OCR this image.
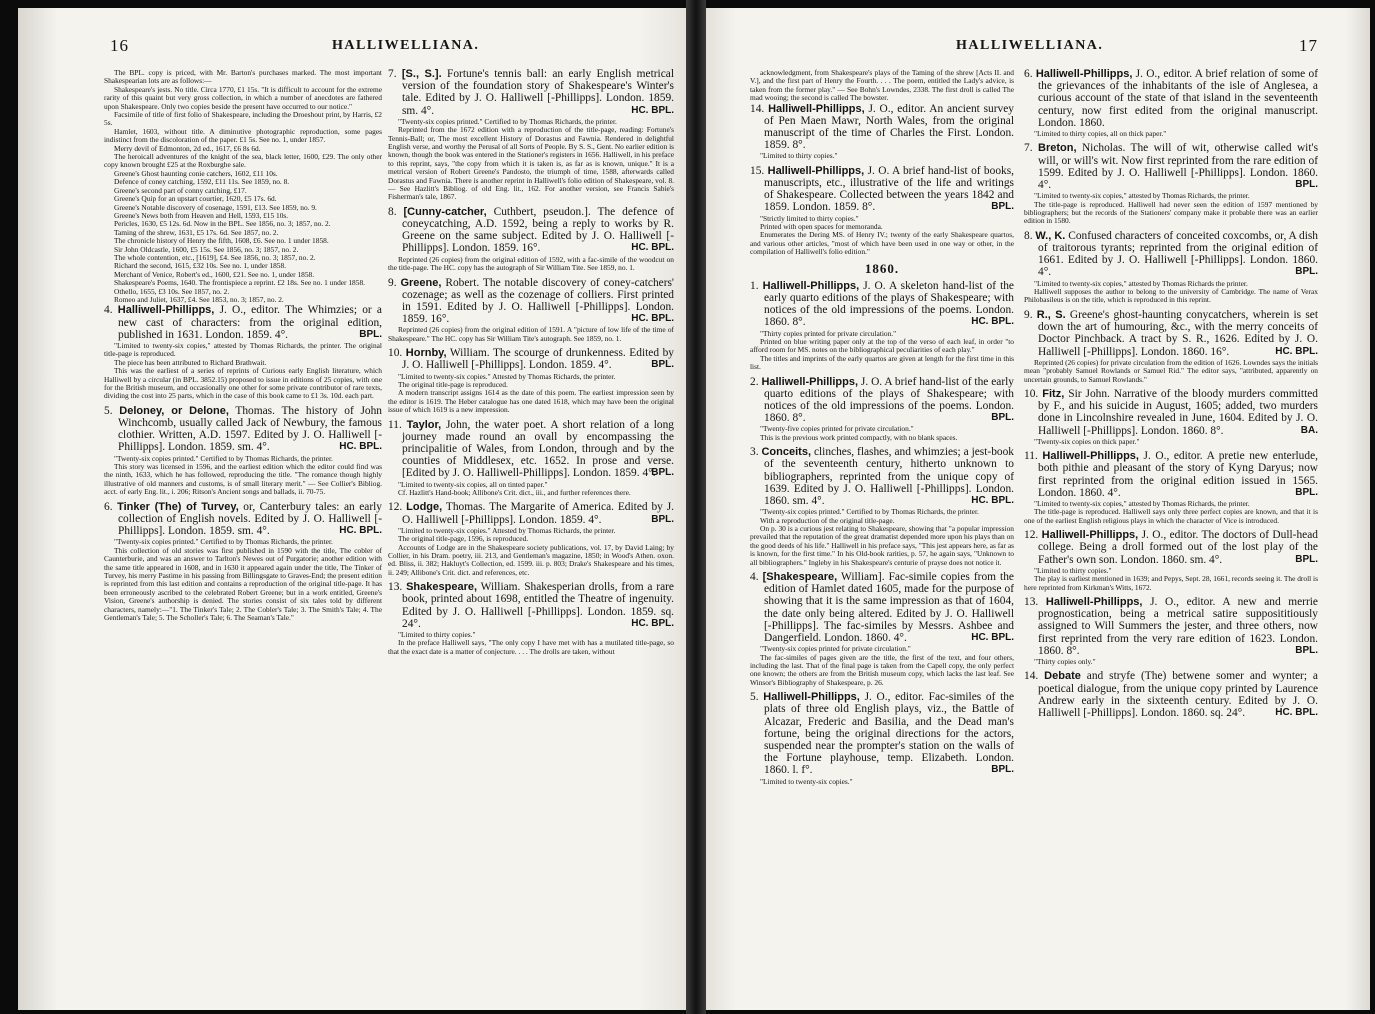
16	HALLIWELLIANA.

The BPL. copy is priced, with Mr. Barton's purchases marked. The most important Shakespearian lots are as follows:—

Shakespeare's jests. No title. Circa 1770, £1 15s. "It is difficult to account for the extreme rarity of this quaint but very gross collection, in which a number of anecdotes are fathered upon Shakespeare. Only two copies beside the present have occurred to our notice."

Facsimile of title of first folio of Shakespeare, including the Droeshout print, by Harris, £2 5s.

Hamlet, 1603, without title. A diminutive photographic reproduction, some pages indistinct from the discoloration of the paper. £1 5s. See no. 1, under 1857.

Merry devil of Edmonton, 2d ed., 1617, £6 8s 6d.

The heroicall adventures of the knight of the sea, black letter, 1600, £29. The only other copy known brought £25 at the Roxburghe sale.

Greene's Ghost haunting conie catchers, 1602, £11 10s.

Defence of coney catching, 1592, £11 11s. See 1859, no. 8.

Greene's second part of conny catching, £17.

Greene's Quip for an upstart courtier, 1620, £5 17s. 6d.

Greene's Notable discovery of cosenage, 1591, £13. See 1859, no. 9.

Greene's News both from Heaven and Hell, 1593, £15 10s.

Pericles, 1630, £5 12s. 6d. Now in the BPL. See 1856, no. 3; 1857, no. 2.

Taming of the shrew, 1631, £5 17s. 6d. See 1857, no. 2.

The chronicle history of Henry the fifth, 1608, £6. See no. 1 under 1858.

Sir John Oldcastle, 1600, £5 15s. See 1856, no. 3; 1857, no. 2.

The whole contention, etc., [1619], £4. See 1856, no. 3; 1857, no. 2.

Richard the second, 1615, £32 10s. See no. 1, under 1858.

Merchant of Venice, Robert's ed., 1600, £21. See no. 1, under 1858.

Shakespeare's Poems, 1640. The frontispiece a reprint. £2 18s. See no. 1 under 1858.

Othello, 1655, £3 10s. See 1857, no. 2.

Romeo and Juliet, 1637, £4. See 1853, no. 3; 1857, no. 2.

4. Halliwell-Phillipps, J. O., editor. The Whimzies; or a new cast of characters: from the original edition, published in 1631. London. 1859. 4°.	BPL.

"Limited to twenty-six copies," attested by Thomas Richards, the printer. The original title-page is reproduced.

The piece has been attributed to Richard Brathwait.

This was the earliest of a series of reprints of Curious early English literature, which Halliwell by a circular (in BPL. 3852.15) proposed to issue in editions of 25 copies, with one for the British museum, and occasionally one other for some private contributor of rare texts, dividing the cost into 25 parts, which in the case of this book came to £1 3s. 10d. each part.

5. Deloney, or Delone, Thomas. The history of John Winchcomb, usually called Jack of Newbury, the famous clothier. Written, A.D. 1597. Edited by J. O. Halliwell [-Phillipps]. London. 1859. sm. 4°.	HC. BPL.

"Twenty-six copies printed." Certified to by Thomas Richards, the printer.

This story was licensed in 1596, and the earliest edition which the editor could find was the ninth, 1633, which he has followed, reproducing the title. "The romance though highly illustrative of old manners and customs, is of small literary merit." — See Collier's Bibliog. acct. of early Eng. lit., i. 206; Ritson's Ancient songs and ballads, ii. 70-75.

6. Tinker (The) of Turvey, or, Canterbury tales: an early collection of English novels. Edited by J. O. Halliwell [-Phillipps]. London. 1859. sm. 4°.	HC. BPL.

"Twenty-six copies printed." Certified to by Thomas Richards, the printer.

This collection of old stories was first published in 1590 with the title, The cobler of Caunterburie, and was an answer to Tarlton's Newes out of Purgatorie; another edition with the same title appeared in 1608, and in 1630 it appeared again under the title, The Tinker of Turvey, his merry Pastime in his passing from Billingsgate to Graves-End; the present edition is reprinted from this last edition and contains a reproduction of the original title-page. It has been erroneously ascribed to the celebrated Robert Greene; but in a work entitled, Greene's Vision, Greene's authorship is denied. The stories consist of six tales told by different characters, namely:—"1. The Tinker's Tale; 2. The Cobler's Tale; 3. The Smith's Tale; 4. The Gentleman's Tale; 5. The Scholler's Tale; 6. The Seaman's Tale."

7. [S., S.]. Fortune's tennis ball: an early English metrical version of the foundation story of Shakespeare's Winter's tale. Edited by J. O. Halliwell [-Phillipps]. London. 1859. sm. 4°.	HC. BPL.

"Twenty-six copies printed." Certified to by Thomas Richards, the printer.

Reprinted from the 1672 edition with a reproduction of the title-page, reading: Fortune's Tennis-Ball; or, The most excellent History of Dorastus and Fawnia. Rendered in delightful English verse, and worthy the Perusal of all Sorts of People. By S. S., Gent. No earlier edition is known, though the book was entered in the Stationer's registers in 1656. Halliwell, in his preface to this reprint, says, "the copy from which it is taken is, as far as is known, unique." It is a metrical version of Robert Greene's Pandosto, the triumph of time, 1588, afterwards called Dorastus and Fawnia. There is another reprint in Halliwell's folio edition of Shakespeare, vol. 8. — See Hazlitt's Bibliog. of old Eng. lit., 162. For another version, see Francis Sabie's Fisherman's tale, 1867.

8. [Cunny-catcher, Cuthbert, pseudon.]. The defence of coneycatching, A.D. 1592, being a reply to works by R. Greene on the same subject. Edited by J. O. Halliwell [-Phillipps]. London. 1859. 16°.	HC. BPL.

Reprinted (26 copies) from the original edition of 1592, with a fac-simile of the woodcut on the title-page. The HC. copy has the autograph of Sir William Tite. See 1859, no. 1.

9. Greene, Robert. The notable discovery of coney-catchers' cozenage; as well as the cozenage of colliers. First printed in 1591. Edited by J. O. Halliwell [-Phillipps]. London. 1859. 16°.	HC. BPL.

Reprinted (26 copies) from the original edition of 1591. A "picture of low life of the time of Shakespeare." The HC. copy has Sir William Tite's autograph. See 1859, no. 1.

10. Hornby, William. The scourge of drunkenness. Edited by J. O. Halliwell [-Phillipps]. London. 1859. 4°.	BPL.

"Limited to twenty-six copies." Attested by Thomas Richards, the printer.

The original title-page is reproduced.

A modern transcript assigns 1614 as the date of this poem. The earliest impression seen by the editor is 1619. The Heber catalogue has one dated 1618, which may have been the original issue of which 1619 is a new impression.

11. Taylor, John, the water poet. A short relation of a long journey made round an ovall by encompassing the principalitie of Wales, from London, through and by the counties of Middlesex, etc. 1652. In prose and verse. [Edited by J. O. Halliwell-Phillipps]. London. 1859. 4°.
BPL.

"Limited to twenty-six copies, all on tinted paper."

Cf. Hazlitt's Hand-book; Allibone's Crit. dict., iii., and further references there.

12. Lodge, Thomas. The Margarite of America. Edited by J. O. Halliwell [-Phillipps]. London. 1859. 4°.	BPL.

"Limited to twenty-six copies." Attested by Thomas Richards, the printer.

The original title-page, 1596, is reproduced.

Accounts of Lodge are in the Shakespeare society publications, vol. 17, by David Laing; by Collier, in his Dram. poetry, iii. 213, and Gentleman's magazine, 1850; in Wood's Athen. oxon. ed. Bliss, ii. 382; Hakluyt's Collection, ed. 1599. iii. p. 803; Drake's Shakespeare and his times, ii. 249; Allibone's Crit. dict. and references, etc.

13. Shakespeare, William. Shakesperian drolls, from a rare book, printed about 1698, entitled the Theatre of ingenuity. Edited by J. O. Halliwell [-Phillipps]. London. 1859. sq. 24°.	HC. BPL.

"Limited to thirty copies."

In the preface Halliwell says, "The only copy I have met with has a mutilated title-page, so that the exact date is a matter of conjecture. . . . The drolls are taken, without

HALLIWELLIANA.	17

acknowledgment, from Shakespeare's plays of the Taming of the shrew [Acts II. and V.], and the first part of Henry the Fourth. . . . The poem, entitled the Lady's advice, is taken from the former play." — See Bohn's Lowndes, 2338. The first droll is called The mad wooing; the second is called The bowster.

14. Halliwell-Phillipps, J. O., editor. An ancient survey of Pen Maen Mawr, North Wales, from the original manuscript of the time of Charles the First. London. 1859. 8°.

"Limited to thirty copies."

15. Halliwell-Phillipps, J. O. A brief hand-list of books, manuscripts, etc., illustrative of the life and writings of Shakespeare. Collected between the years 1842 and 1859. London. 1859. 8°.	BPL.

"Strictly limited to thirty copies."

Printed with open spaces for memoranda.

Enumerates the Dering MS. of Henry IV.; twenty of the early Shakespeare quartos, and various other articles, "most of which have been used in one way or other, in the compilation of Halliwell's folio edition."

1860.

1. Halliwell-Phillipps, J. O. A skeleton hand-list of the early quarto editions of the plays of Shakespeare; with notices of the old impressions of the poems. London. 1860. 8°.	HC. BPL.

"Thirty copies printed for private circulation."

Printed on blue writing paper only at the top of the verso of each leaf, in order "to afford room for MS. notes on the bibliographical peculiarities of each play."

The titles and imprints of the early quartos are given at length for the first time in this list.

2. Halliwell-Phillipps, J. O. A brief hand-list of the early quarto editions of the plays of Shakespeare; with notices of the old impressions of the poems. London. 1860. 8°.	BPL.

"Twenty-five copies printed for private circulation."

This is the previous work printed compactly, with no blank spaces.

3. Conceits, clinches, flashes, and whimzies; a jest-book of the seventeenth century, hitherto unknown to bibliographers, reprinted from the unique copy of 1639. Edited by J. O. Halliwell [-Phillipps]. London. 1860. sm. 4°.	HC. BPL.

"Twenty-six copies printed." Certified to by Thomas Richards, the printer.

With a reproduction of the original title-page.

On p. 30 is a curious jest relating to Shakespeare, showing that "a popular impression prevailed that the reputation of the great dramatist depended more upon his plays than on the good deeds of his life." Halliwell in his preface says, "This jest appears here, as far as is known, for the first time." In his Old-book rarities, p. 57, he again says, "Unknown to all bibliographers." Ingleby in his Shakespeare's centurie of prayse does not notice it.

4. [Shakespeare, William]. Fac-simile copies from the edition of Hamlet dated 1605, made for the purpose of showing that it is the same impression as that of 1604, the date only being altered. Edited by J. O. Halliwell [-Phillipps]. The fac-similes by Messrs. Ashbee and Dangerfield. London. 1860. 4°.	HC. BPL.

"Twenty-six copies printed for private circulation."

The fac-similes of pages given are the title, the first of the text, and four others, including the last. That of the final page is taken from the Capell copy, the only perfect one known; the others are from the British museum copy, which lacks the last leaf. See Winsor's Bibliography of Shakespeare, p. 26.

5. Halliwell-Phillipps, J. O., editor. Fac-similes of the plats of three old English plays, viz., the Battle of Alcazar, Frederic and Basilia, and the Dead man's fortune, being the original directions for the actors, suspended near the prompter's station on the walls of the Fortune playhouse, temp. Elizabeth. London. 1860. l. f°.	BPL.

"Limited to twenty-six copies."

6. Halliwell-Phillipps, J. O., editor. A brief relation of some of the grievances of the inhabitants of the isle of Anglesea, a curious account of the state of that island in the seventeenth century, now first edited from the original manuscript. London. 1860.

"Limited to thirty copies, all on thick paper."

7. Breton, Nicholas. The will of wit, otherwise called wit's will, or will's wit. Now first reprinted from the rare edition of 1599. Edited by J. O. Halliwell [-Phillipps]. London. 1860. 4°.	BPL.

"Limited to twenty-six copies," attested by Thomas Richards, the printer.

The title-page is reproduced. Halliwell had never seen the edition of 1597 mentioned by bibliographers; but the records of the Stationers' company make it probable there was an earlier edition in 1580.

8. W., K. Confused characters of conceited coxcombs, or, A dish of traitorous tyrants; reprinted from the original edition of 1661. Edited by J. O. Halliwell [-Phillipps]. London. 1860. 4°.	BPL.

"Limited to twenty-six copies," attested by Thomas Richards the printer.

Halliwell supposes the author to belong to the university of Cambridge. The name of Verax Philobasileus is on the title, which is reproduced in this reprint.

9. R., S. Greene's ghost-haunting conycatchers, wherein is set down the art of humouring, &c., with the merry conceits of Doctor Pinchback. A tract by S. R., 1626. Edited by J. O. Halliwell [-Phillipps]. London. 1860. 16°.	HC. BPL.

Reprinted (26 copies) for private circulation from the edition of 1626. Lowndes says the initials mean "probably Samuel Rowlands or Samuel Rid." The editor says, "attributed, apparently on uncertain grounds, to Samuel Rowlands."

10. Fitz, Sir John. Narrative of the bloody murders committed by F., and his suicide in August, 1605; added, two murders done in Lincolnshire revealed in June, 1604. Edited by J. O. Halliwell [-Phillipps]. London. 1860. 8°.	BA.

"Twenty-six copies on thick paper."

11. Halliwell-Phillipps, J. O., editor. A pretie new enterlude, both pithie and pleasant of the story of Kyng Daryus; now first reprinted from the original edition issued in 1565. London. 1860. 4°.	BPL.

"Limited to twenty-six copies," attested by Thomas Richards, the printer.

The title-page is reproduced. Halliwell says only three perfect copies are known, and that it is one of the earliest English religious plays in which the character of Vice is introduced.

12. Halliwell-Phillipps, J. O., editor. The doctors of Dull-head college. Being a droll formed out of the lost play of the Father's own son. London. 1860. sm. 4°.	BPL.

"Limited to thirty copies."

The play is earliest mentioned in 1639; and Pepys, Sept. 28, 1661, records seeing it. The droll is here reprinted from Kirkman's Witts, 1672.

13. Halliwell-Phillipps, J. O., editor. A new and merrie prognostication, being a metrical satire supposititiously assigned to Will Summers the jester, and three others, now first reprinted from the very rare edition of 1623. London. 1860. 8°.	BPL.

"Thirty copies only."

14. Debate and stryfe (The) betwene somer and wynter; a poetical dialogue, from the unique copy printed by Laurence Andrew early in the sixteenth century. Edited by J. O. Halliwell [-Phillipps]. London. 1860. sq. 24°.	HC. BPL.
